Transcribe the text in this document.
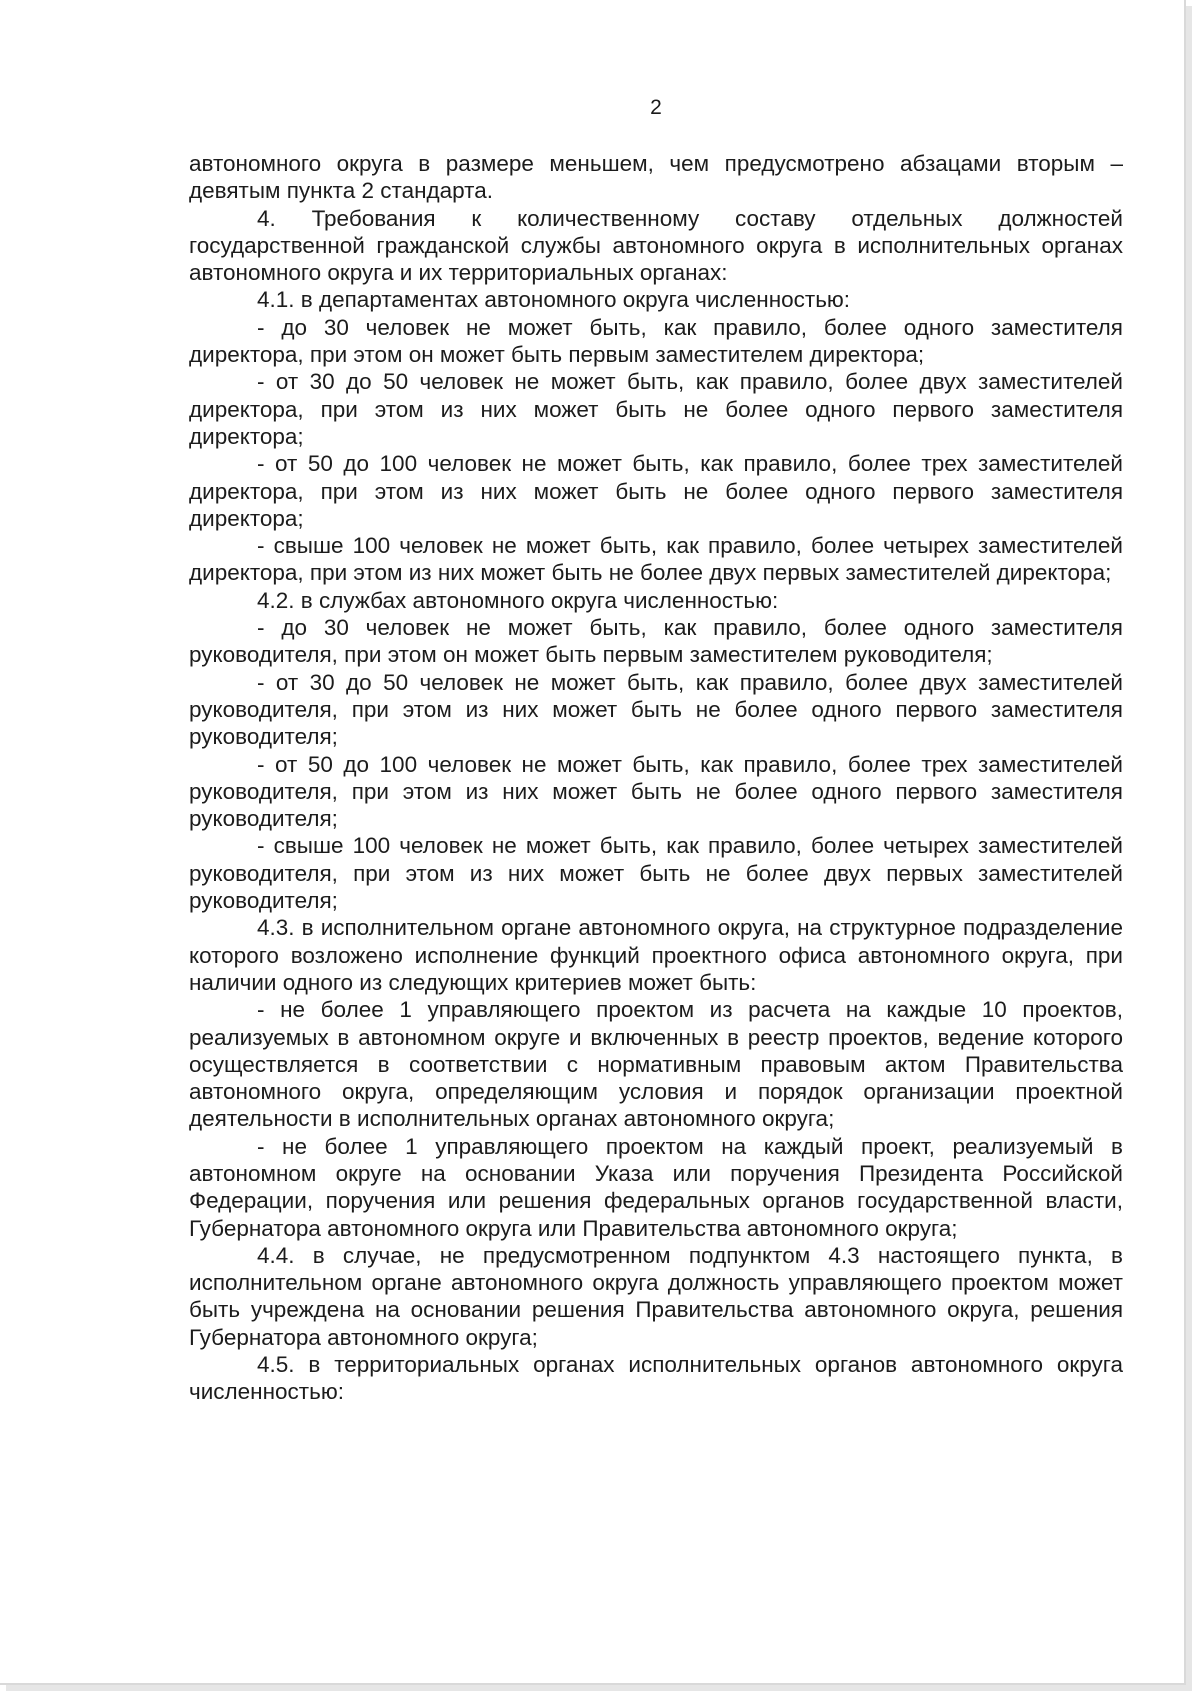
2

автономного округа в размере меньшем, чем предусмотрено абзацами вторым – девятым пункта 2 стандарта.

4. Требования к количественному составу отдельных должностей государственной гражданской службы автономного округа в исполнительных органах автономного округа и их территориальных органах:

4.1. в департаментах автономного округа численностью:

- до 30 человек не может быть, как правило, более одного заместителя директора, при этом он может быть первым заместителем директора;

- от 30 до 50 человек не может быть, как правило, более двух заместителей директора, при этом из них может быть не более одного первого заместителя директора;

- от 50 до 100 человек не может быть, как правило, более трех заместителей директора, при этом из них может быть не более одного первого заместителя директора;

- свыше 100 человек не может быть, как правило, более четырех заместителей директора, при этом из них может быть не более двух первых заместителей директора;

4.2. в службах автономного округа численностью:

- до 30 человек не может быть, как правило, более одного заместителя руководителя, при этом он может быть первым заместителем руководителя;

- от 30 до 50 человек не может быть, как правило, более двух заместителей руководителя, при этом из них может быть не более одного первого заместителя руководителя;

- от 50 до 100 человек не может быть, как правило, более трех заместителей руководителя, при этом из них может быть не более одного первого заместителя руководителя;

- свыше 100 человек не может быть, как правило, более четырех заместителей руководителя, при этом из них может быть не более двух первых заместителей руководителя;

4.3. в исполнительном органе автономного округа, на структурное подразделение которого возложено исполнение функций проектного офиса автономного округа, при наличии одного из следующих критериев может быть:

- не более 1 управляющего проектом из расчета на каждые 10 проектов, реализуемых в автономном округе и включенных в реестр проектов, ведение которого осуществляется в соответствии с нормативным правовым актом Правительства автономного округа, определяющим условия и порядок организации проектной деятельности в исполнительных органах автономного округа;

- не более 1 управляющего проектом на каждый проект, реализуемый в автономном округе на основании Указа или поручения Президента Российской Федерации, поручения или решения федеральных органов государственной власти, Губернатора автономного округа или Правительства автономного округа;

4.4. в случае, не предусмотренном подпунктом 4.3 настоящего пункта, в исполнительном органе автономного округа должность управляющего проектом может быть учреждена на основании решения Правительства автономного округа, решения Губернатора автономного округа;

4.5. в территориальных органах исполнительных органов автономного округа численностью:
